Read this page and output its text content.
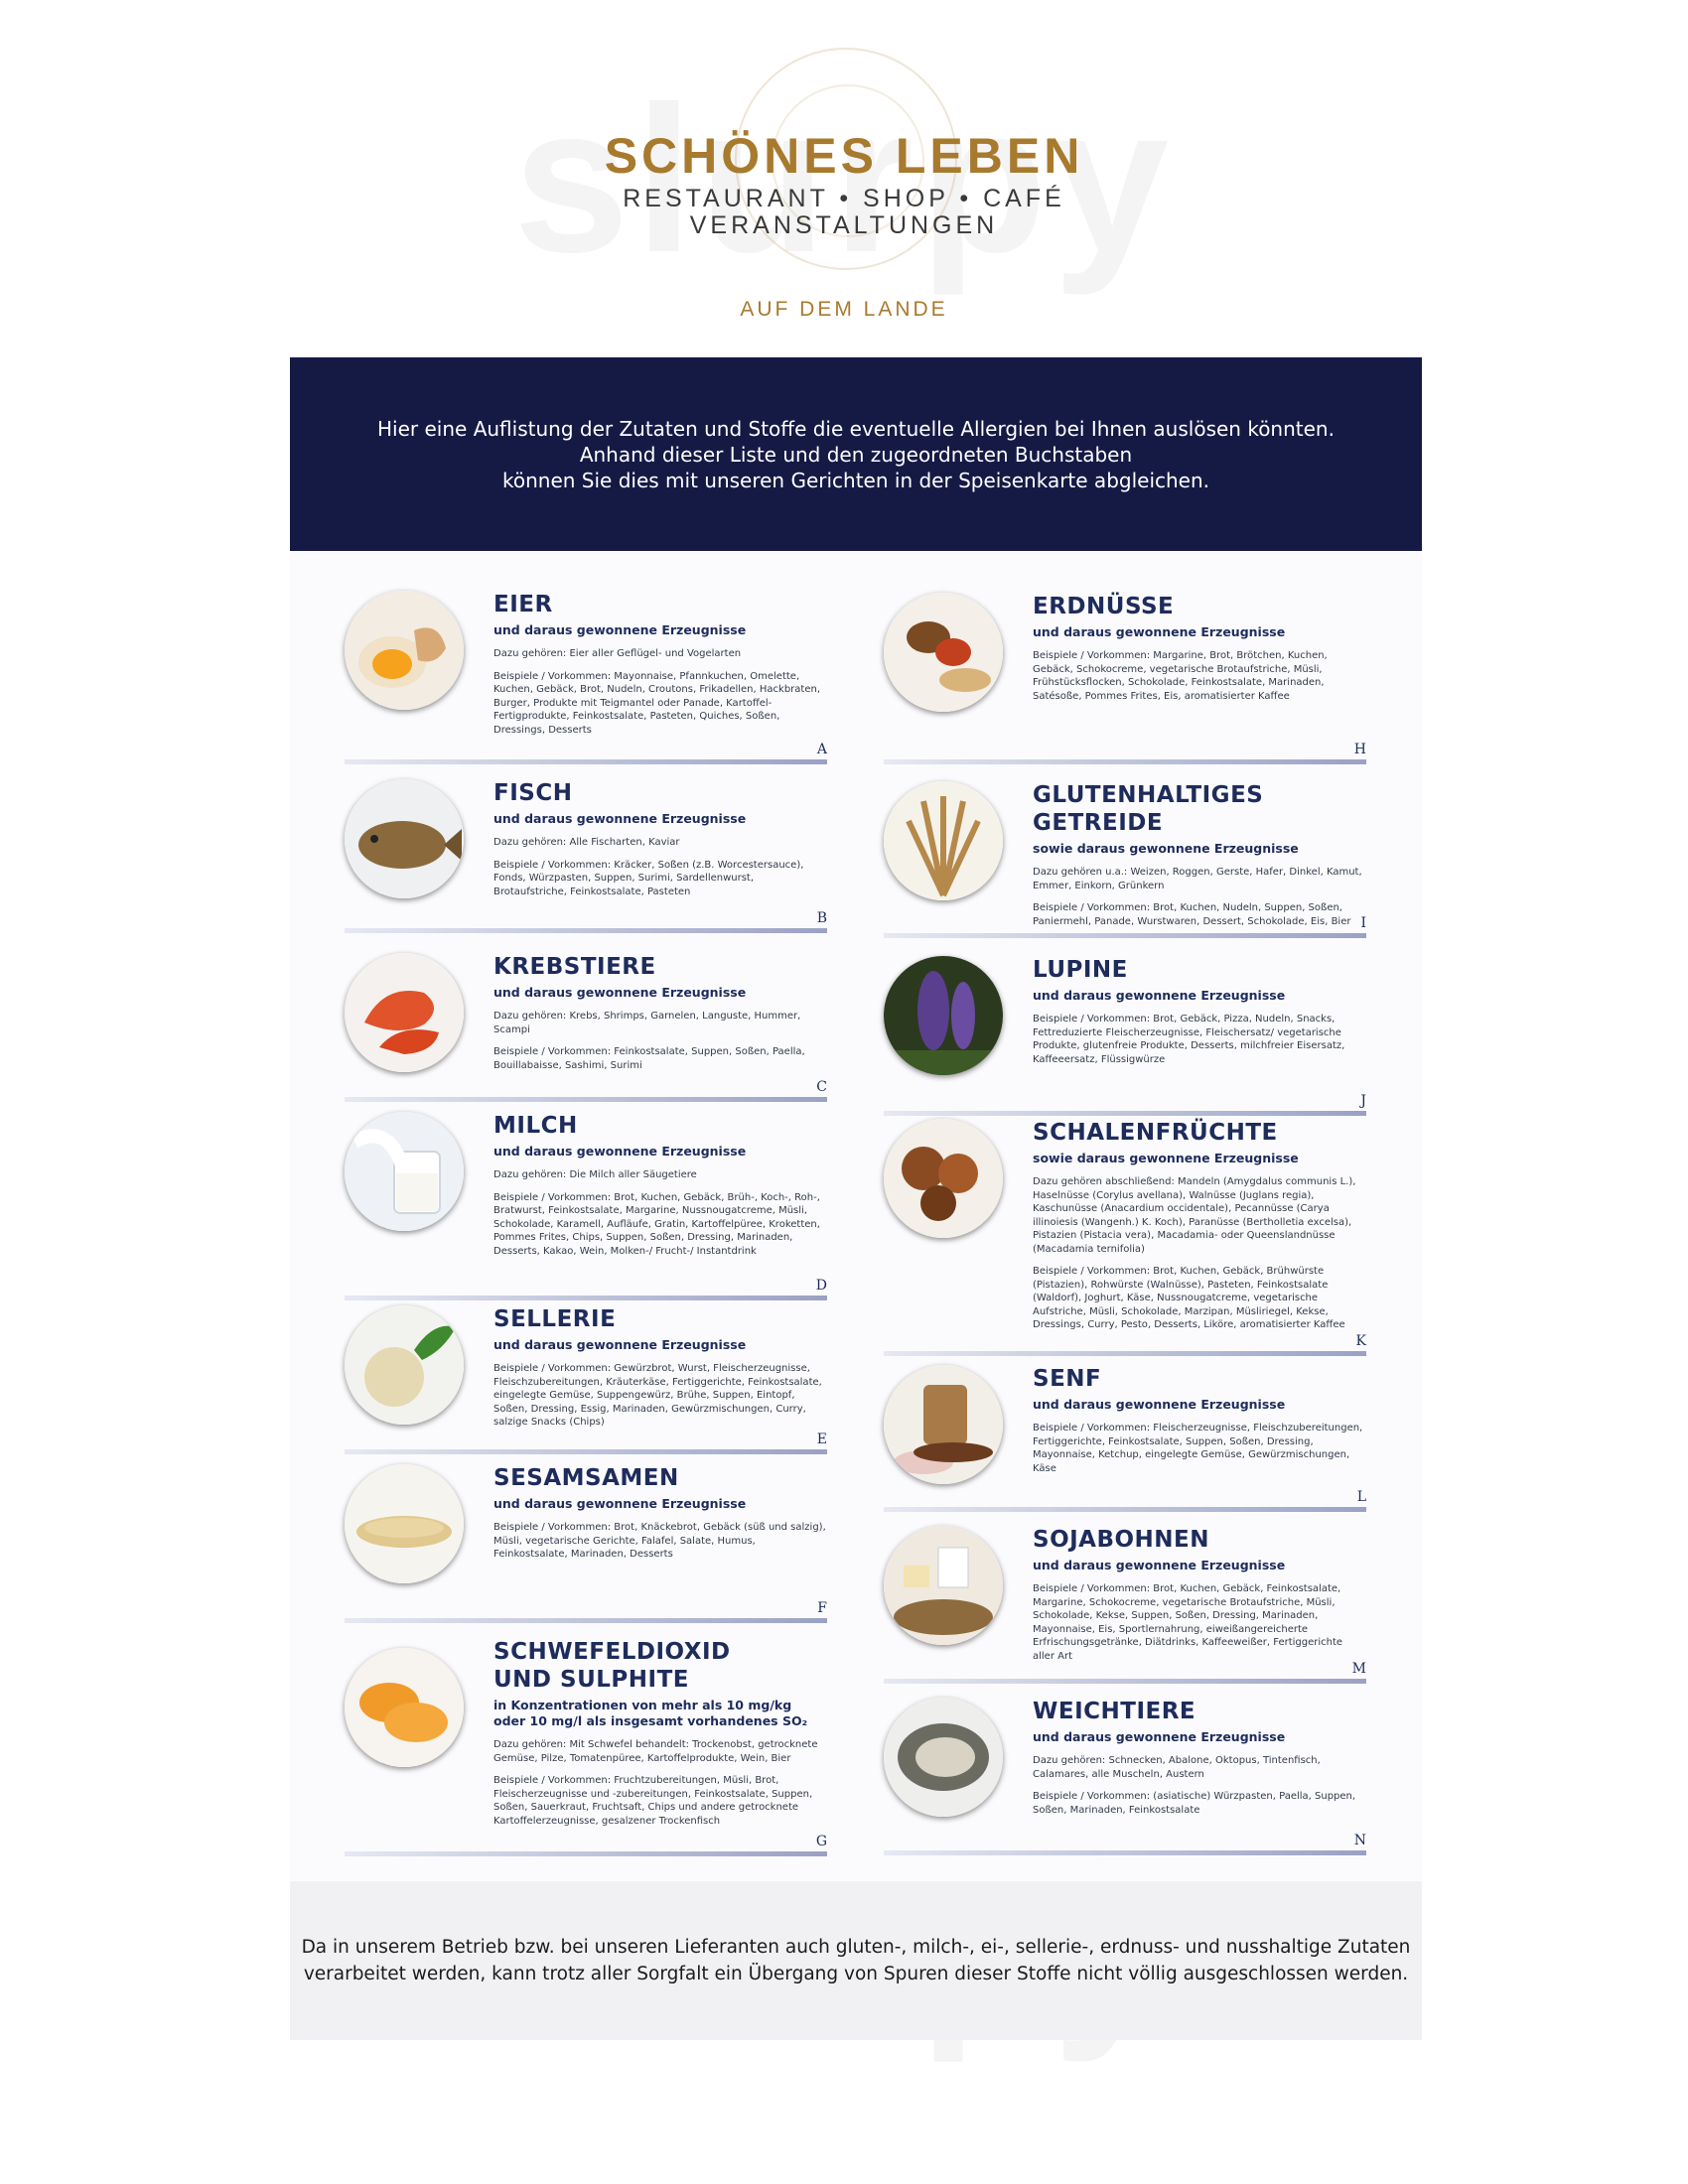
SCHÖNES LEBEN
RESTAURANT • SHOP • CAFÉ
VERANSTALTUNGEN
AUF DEM LANDE
Hier eine Auflistung der Zutaten und Stoffe die eventuelle Allergien bei Ihnen auslösen könnten.
Anhand dieser Liste und den zugeordneten Buchstaben
können Sie dies mit unseren Gerichten in der Speisenkarte abgleichen.
EIER
und daraus gewonnene Erzeugnisse
Dazu gehören: Eier aller Geflügel- und Vogelarten
Beispiele / Vorkommen: Mayonnaise, Pfannkuchen, Omelette, Kuchen, Gebäck, Brot, Nudeln, Croutons, Frikadellen, Hackbraten, Burger, Produkte mit Teigmantel oder Panade, Kartoffel-Fertigprodukte, Feinkostsalate, Pasteten, Quiches, Soßen, Dressings, Desserts
A
FISCH
und daraus gewonnene Erzeugnisse
Dazu gehören: Alle Fischarten, Kaviar
Beispiele / Vorkommen: Kräcker, Soßen (z.B. Worcestersauce), Fonds, Würzpasten, Suppen, Surimi, Sardellenwurst, Brotaufstriche, Feinkostsalate, Pasteten
B
KREBSTIERE
und daraus gewonnene Erzeugnisse
Dazu gehören: Krebs, Shrimps, Garnelen, Languste, Hummer, Scampi
Beispiele / Vorkommen: Feinkostsalate, Suppen, Soßen, Paella, Bouillabaisse, Sashimi, Surimi
C
MILCH
und daraus gewonnene Erzeugnisse
Dazu gehören: Die Milch aller Säugetiere
Beispiele / Vorkommen: Brot, Kuchen, Gebäck, Brüh-, Koch-, Roh-, Bratwurst, Feinkostsalate, Margarine, Nussnougatcreme, Müsli, Schokolade, Karamell, Aufläufe, Gratin, Kartoffelpüree, Kroketten, Pommes Frites, Chips, Suppen, Soßen, Dressing, Marinaden, Desserts, Kakao, Wein, Molken-/ Frucht-/ Instantdrink
D
SELLERIE
und daraus gewonnene Erzeugnisse
Beispiele / Vorkommen: Gewürzbrot, Wurst, Fleischerzeugnisse, Fleischzubereitungen, Kräuterkäse, Fertiggerichte, Feinkostsalate, eingelegte Gemüse, Suppengewürz, Brühe, Suppen, Eintopf, Soßen, Dressing, Essig, Marinaden, Gewürzmischungen, Curry, salzige Snacks (Chips)
E
SESAMSAMEN
und daraus gewonnene Erzeugnisse
Beispiele / Vorkommen: Brot, Knäckebrot, Gebäck (süß und salzig), Müsli, vegetarische Gerichte, Falafel, Salate, Humus, Feinkostsalate, Marinaden, Desserts
F
SCHWEFELDIOXID UND SULPHITE
in Konzentrationen von mehr als 10 mg/kg oder 10 mg/l als insgesamt vorhandenes SO₂
Dazu gehören: Mit Schwefel behandelt: Trockenobst, getrocknete Gemüse, Pilze, Tomatenpüree, Kartoffelprodukte, Wein, Bier
Beispiele / Vorkommen: Fruchtzubereitungen, Müsli, Brot, Fleischerzeugnisse und -zubereitungen, Feinkostsalate, Suppen, Soßen, Sauerkraut, Fruchtsaft, Chips und andere getrocknete Kartoffelerzeugnisse, gesalzener Trockenfisch
G
ERDNÜSSE
und daraus gewonnene Erzeugnisse
Beispiele / Vorkommen: Margarine, Brot, Brötchen, Kuchen, Gebäck, Schokocreme, vegetarische Brotaufstriche, Müsli, Frühstücksflocken, Schokolade, Feinkostsalate, Marinaden, Satésoße, Pommes Frites, Eis, aromatisierter Kaffee
H
GLUTENHALTIGES GETREIDE
sowie daraus gewonnene Erzeugnisse
Dazu gehören u.a.: Weizen, Roggen, Gerste, Hafer, Dinkel, Kamut, Emmer, Einkorn, Grünkern
Beispiele / Vorkommen: Brot, Kuchen, Nudeln, Suppen, Soßen, Paniermehl, Panade, Wurstwaren, Dessert, Schokolade, Eis, Bier I
LUPINE
und daraus gewonnene Erzeugnisse
Beispiele / Vorkommen: Brot, Gebäck, Pizza, Nudeln, Snacks, Fettreduzierte Fleischerzeugnisse, Fleischersatz/ vegetarische Produkte, glutenfreie Produkte, Desserts, milchfreier Eisersatz, Kaffeeersatz, Flüssigwürze
J
SCHALENFRÜCHTE
sowie daraus gewonnene Erzeugnisse
Dazu gehören abschließend: Mandeln (Amygdalus communis L.), Haselnüsse (Corylus avellana), Walnüsse (Juglans regia), Kaschunüsse (Anacardium occidentale), Pecannüsse (Carya illinoiesis (Wangenh.) K. Koch), Paranüsse (Bertholletia excelsa), Pistazien (Pistacia vera), Macadamia- oder Queenslandnüsse (Macadamia ternifolia)
Beispiele / Vorkommen: Brot, Kuchen, Gebäck, Brühwürste (Pistazien), Rohwürste (Walnüsse), Pasteten, Feinkostsalate (Waldorf), Joghurt, Käse, Nussnougatcreme, vegetarische Aufstriche, Müsli, Schokolade, Marzipan, Müsliriegel, Kekse, Dressings, Curry, Pesto, Desserts, Liköre, aromatisierter Kaffee
K
SENF
und daraus gewonnene Erzeugnisse
Beispiele / Vorkommen: Fleischerzeugnisse, Fleischzubereitungen, Fertiggerichte, Feinkostsalate, Suppen, Soßen, Dressing, Mayonnaise, Ketchup, eingelegte Gemüse, Gewürzmischungen, Käse
L
SOJABOHNEN
und daraus gewonnene Erzeugnisse
Beispiele / Vorkommen: Brot, Kuchen, Gebäck, Feinkostsalate, Margarine, Schokocreme, vegetarische Brotaufstriche, Müsli, Schokolade, Kekse, Suppen, Soßen, Dressing, Marinaden, Mayonnaise, Eis, Sportlernahrung, eiweißangereicherte Erfrischungsgetränke, Diätdrinks, Kaffeeweißer, Fertiggerichte aller Art
M
WEICHTIERE
und daraus gewonnene Erzeugnisse
Dazu gehören: Schnecken, Abalone, Oktopus, Tintenfisch, Calamares, alle Muscheln, Austern
Beispiele / Vorkommen: (asiatische) Würzpasten, Paella, Suppen, Soßen, Marinaden, Feinkostsalate
N
Da in unserem Betrieb bzw. bei unseren Lieferanten auch gluten-, milch-, ei-, sellerie-, erdnuss- und nusshaltige Zutaten
verarbeitet werden, kann trotz aller Sorgfalt ein Übergang von Spuren dieser Stoffe nicht völlig ausgeschlossen werden.
